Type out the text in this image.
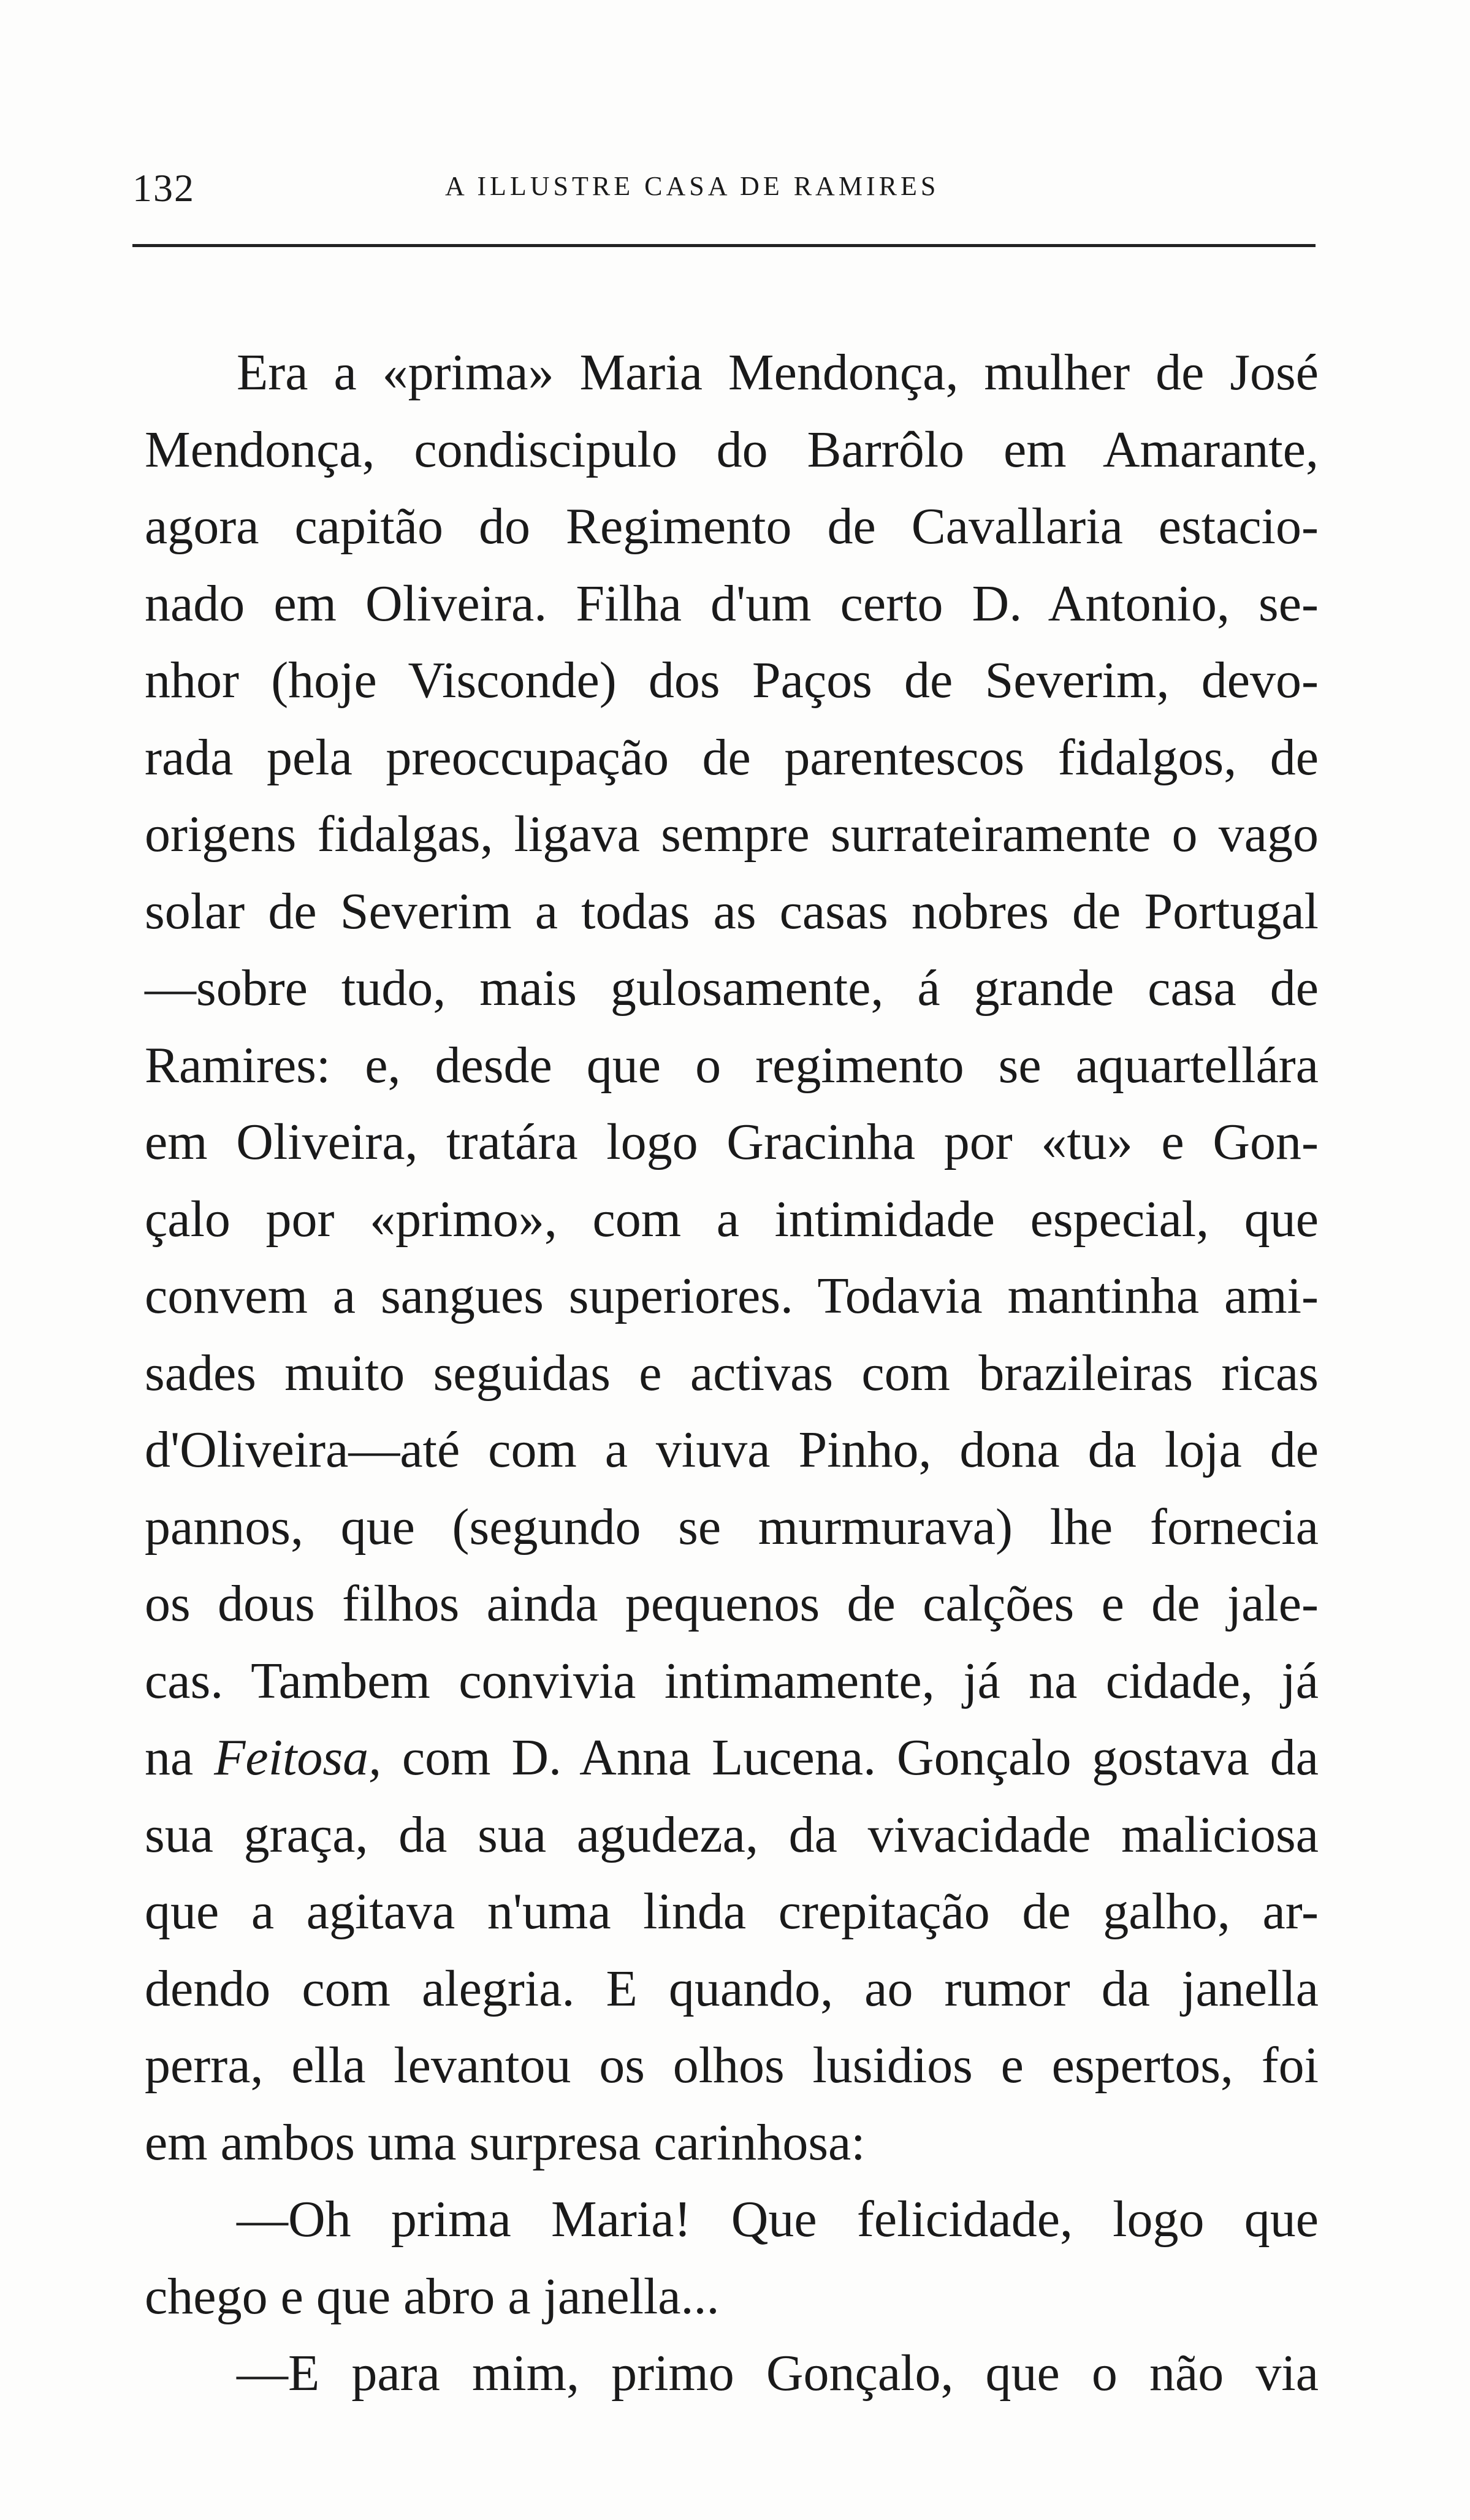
132	A ILLUSTRE CASA DE RAMIRES
Era a «prima» Maria Mendonça, mulher de José
Mendonça, condiscipulo do Barrôlo em Amarante,
agora capitão do Regimento de Cavallaria estacio-
nado em Oliveira. Filha d'um certo D. Antonio, se-
nhor (hoje Visconde) dos Paços de Severim, devo-
rada pela preoccupação de parentescos fidalgos, de
origens fidalgas, ligava sempre surrateiramente o vago
solar de Severim a todas as casas nobres de Portugal
—sobre tudo, mais gulosamente, á grande casa de
Ramires: e, desde que o regimento se aquartellára
em Oliveira, tratára logo Gracinha por «tu» e Gon-
çalo por «primo», com a intimidade especial, que
convem a sangues superiores. Todavia mantinha ami-
sades muito seguidas e activas com brazileiras ricas
d'Oliveira—até com a viuva Pinho, dona da loja de
pannos, que (segundo se murmurava) lhe fornecia
os dous filhos ainda pequenos de calções e de jale-
cas. Tambem convivia intimamente, já na cidade, já
na Feitosa, com D. Anna Lucena. Gonçalo gostava da
sua graça, da sua agudeza, da vivacidade maliciosa
que a agitava n'uma linda crepitação de galho, ar-
dendo com alegria. E quando, ao rumor da janella
perra, ella levantou os olhos lusidios e espertos, foi
em ambos uma surpresa carinhosa:
—Oh prima Maria! Que felicidade, logo que
chego e que abro a janella...
—E para mim, primo Gonçalo, que o não via
